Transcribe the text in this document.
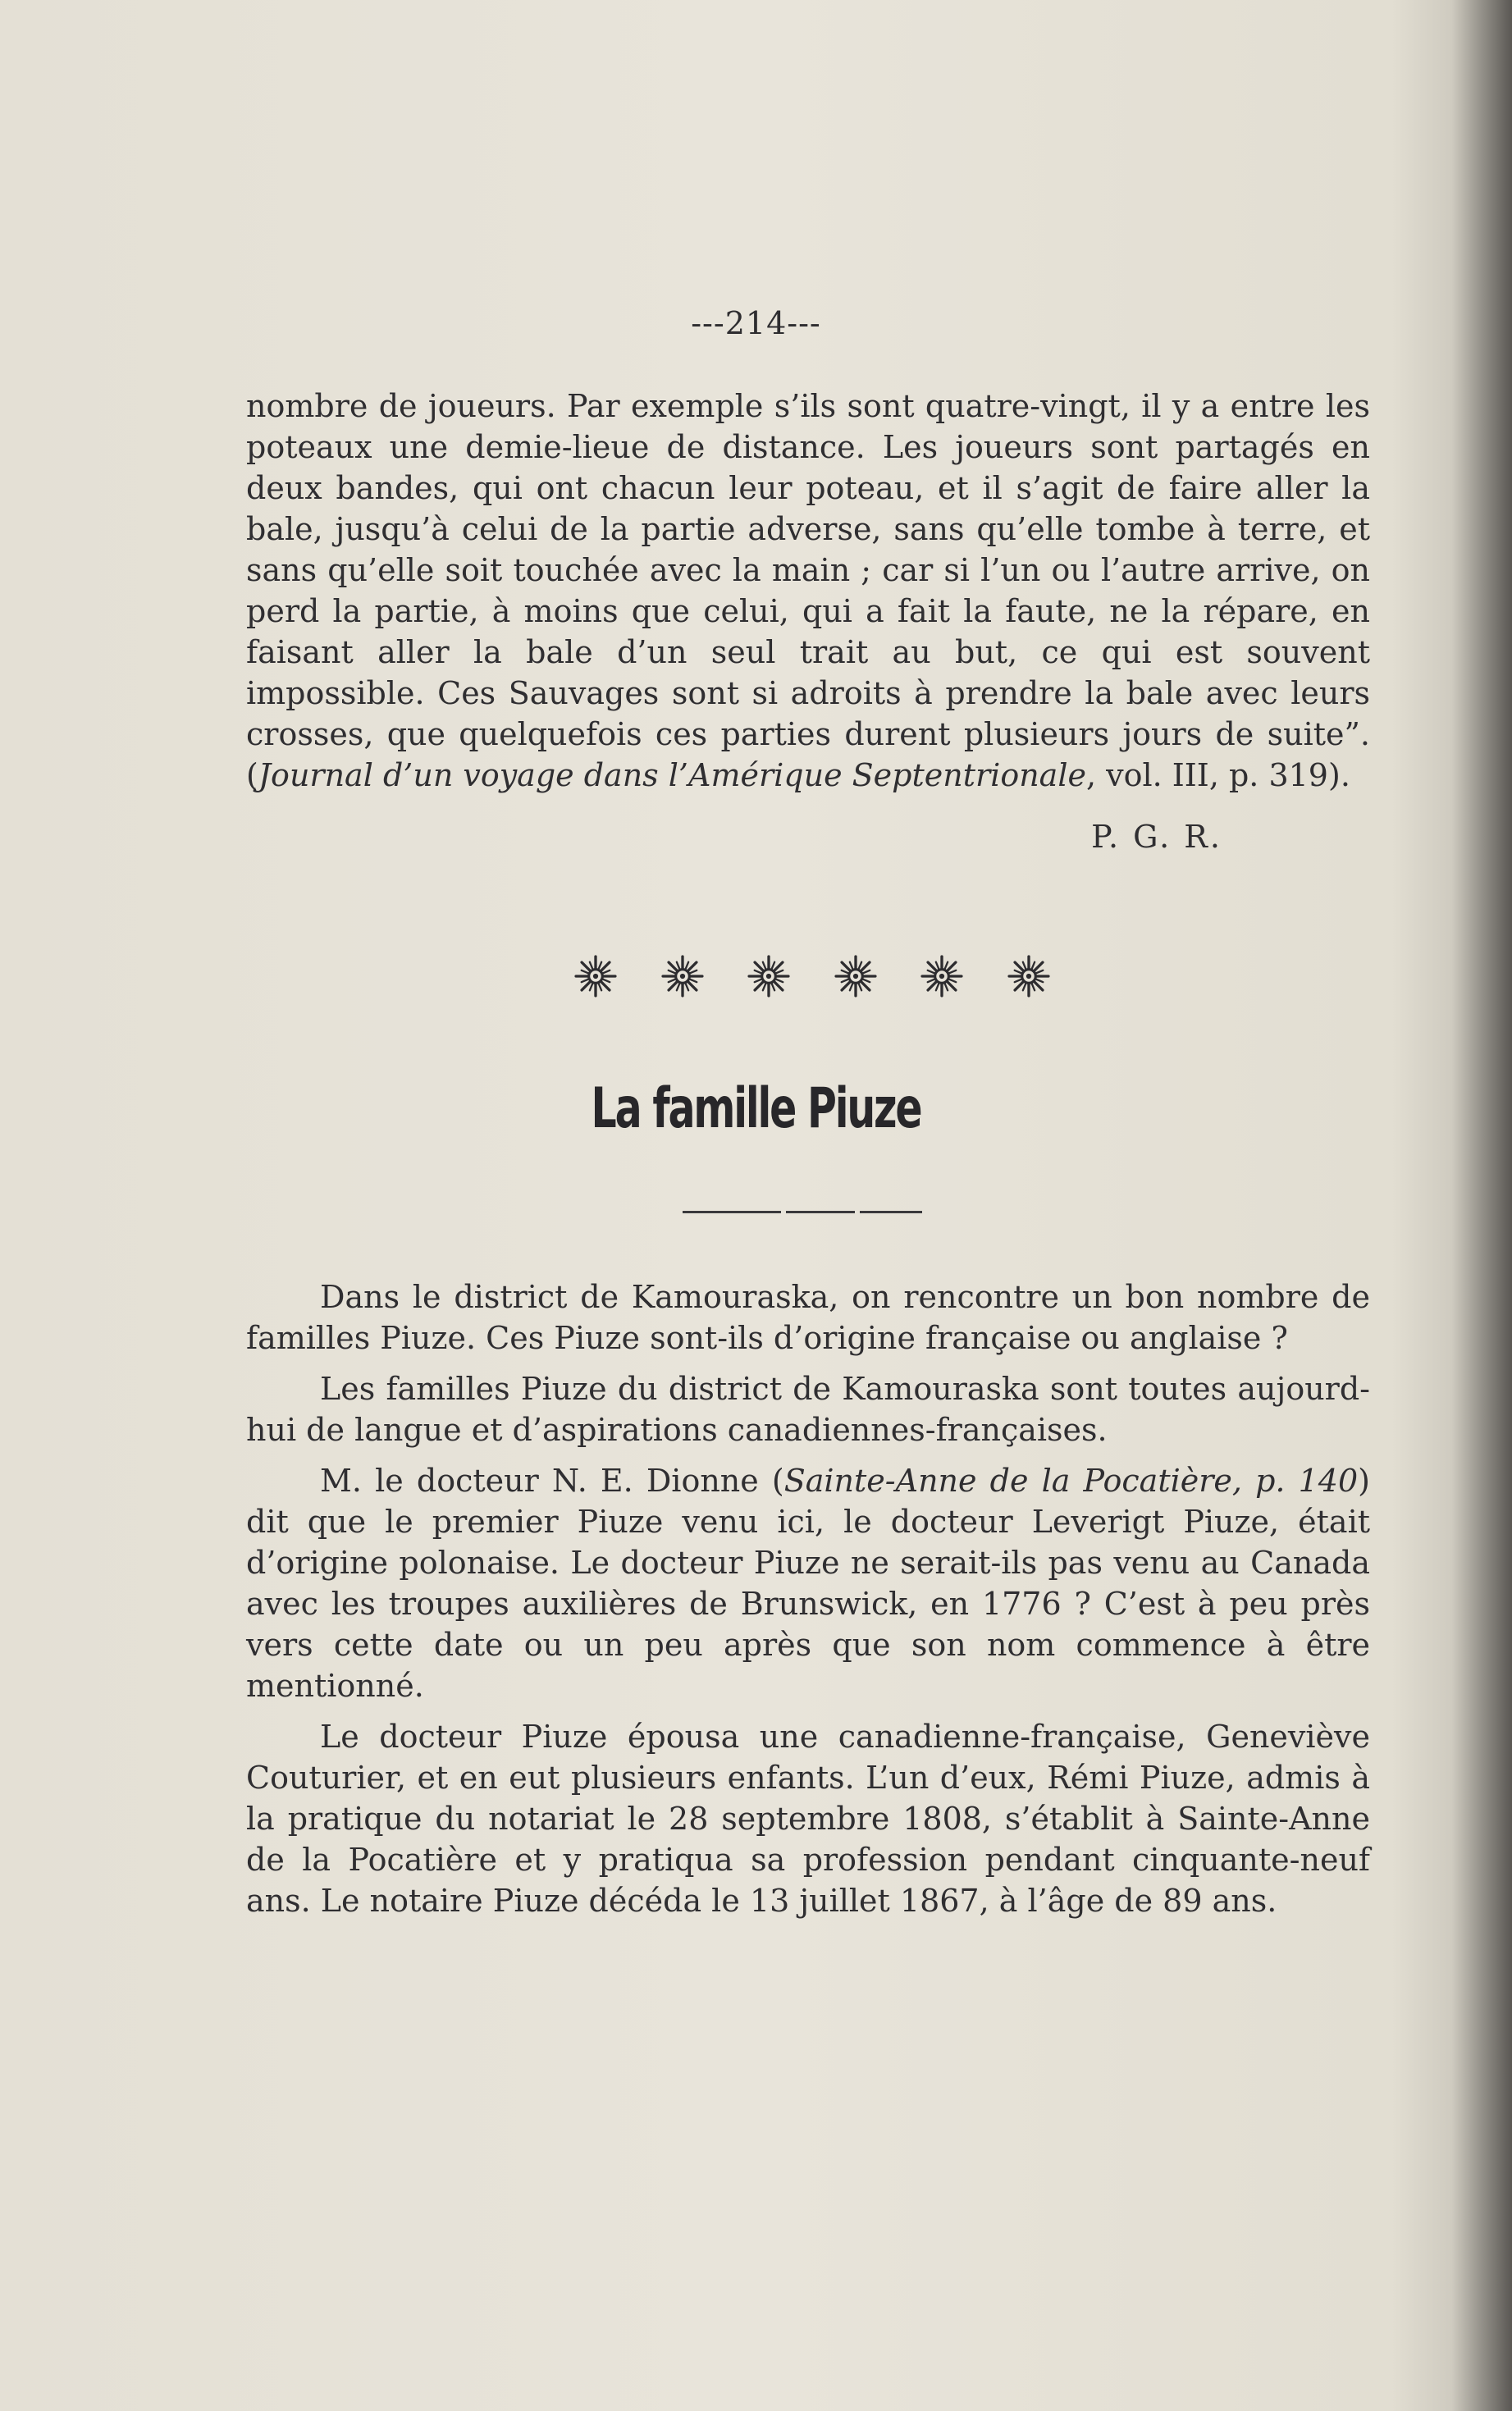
---214---

nombre de joueurs. Par exemple s’ils sont quatre-vingt, il y a entre les poteaux une demie-lieue de distance. Les joueurs sont partagés en deux bandes, qui ont chacun leur poteau, et il s’agit de faire aller la bale, jusqu’à celui de la partie adverse, sans qu’elle tombe à terre, et sans qu’elle soit touchée avec la main ; car si l’un ou l’autre arrive, on perd la partie, à moins que celui, qui a fait la faute, ne la répare, en faisant aller la bale d’un seul trait au but, ce qui est souvent impossible. Ces Sauvages sont si adroits à prendre la bale avec leurs crosses, que quelquefois ces parties durent plusieurs jours de suite”. (Journal d’un voyage dans l’Amérique Septentrionale, vol. III, p. 319).

P. G. R.
La famille Piuze

Dans le district de Kamouraska, on rencontre un bon nombre de familles Piuze. Ces Piuze sont-ils d’origine française ou anglaise ?

Les familles Piuze du district de Kamouraska sont toutes aujourd-hui de langue et d’aspirations canadiennes-françaises.

M. le docteur N. E. Dionne (Sainte-Anne de la Pocatière, p. 140) dit que le premier Piuze venu ici, le docteur Leverigt Piuze, était d’origine polonaise. Le docteur Piuze ne serait-ils pas venu au Canada avec les troupes auxilières de Brunswick, en 1776 ? C’est à peu près vers cette date ou un peu après que son nom commence à être mentionné.

Le docteur Piuze épousa une canadienne-française, Geneviève Couturier, et en eut plusieurs enfants. L’un d’eux, Rémi Piuze, admis à la pratique du notariat le 28 septembre 1808, s’établit à Sainte-Anne de la Pocatière et y pratiqua sa profession pendant cinquante-neuf ans. Le notaire Piuze décéda le 13 juillet 1867, à l’âge de 89 ans.
